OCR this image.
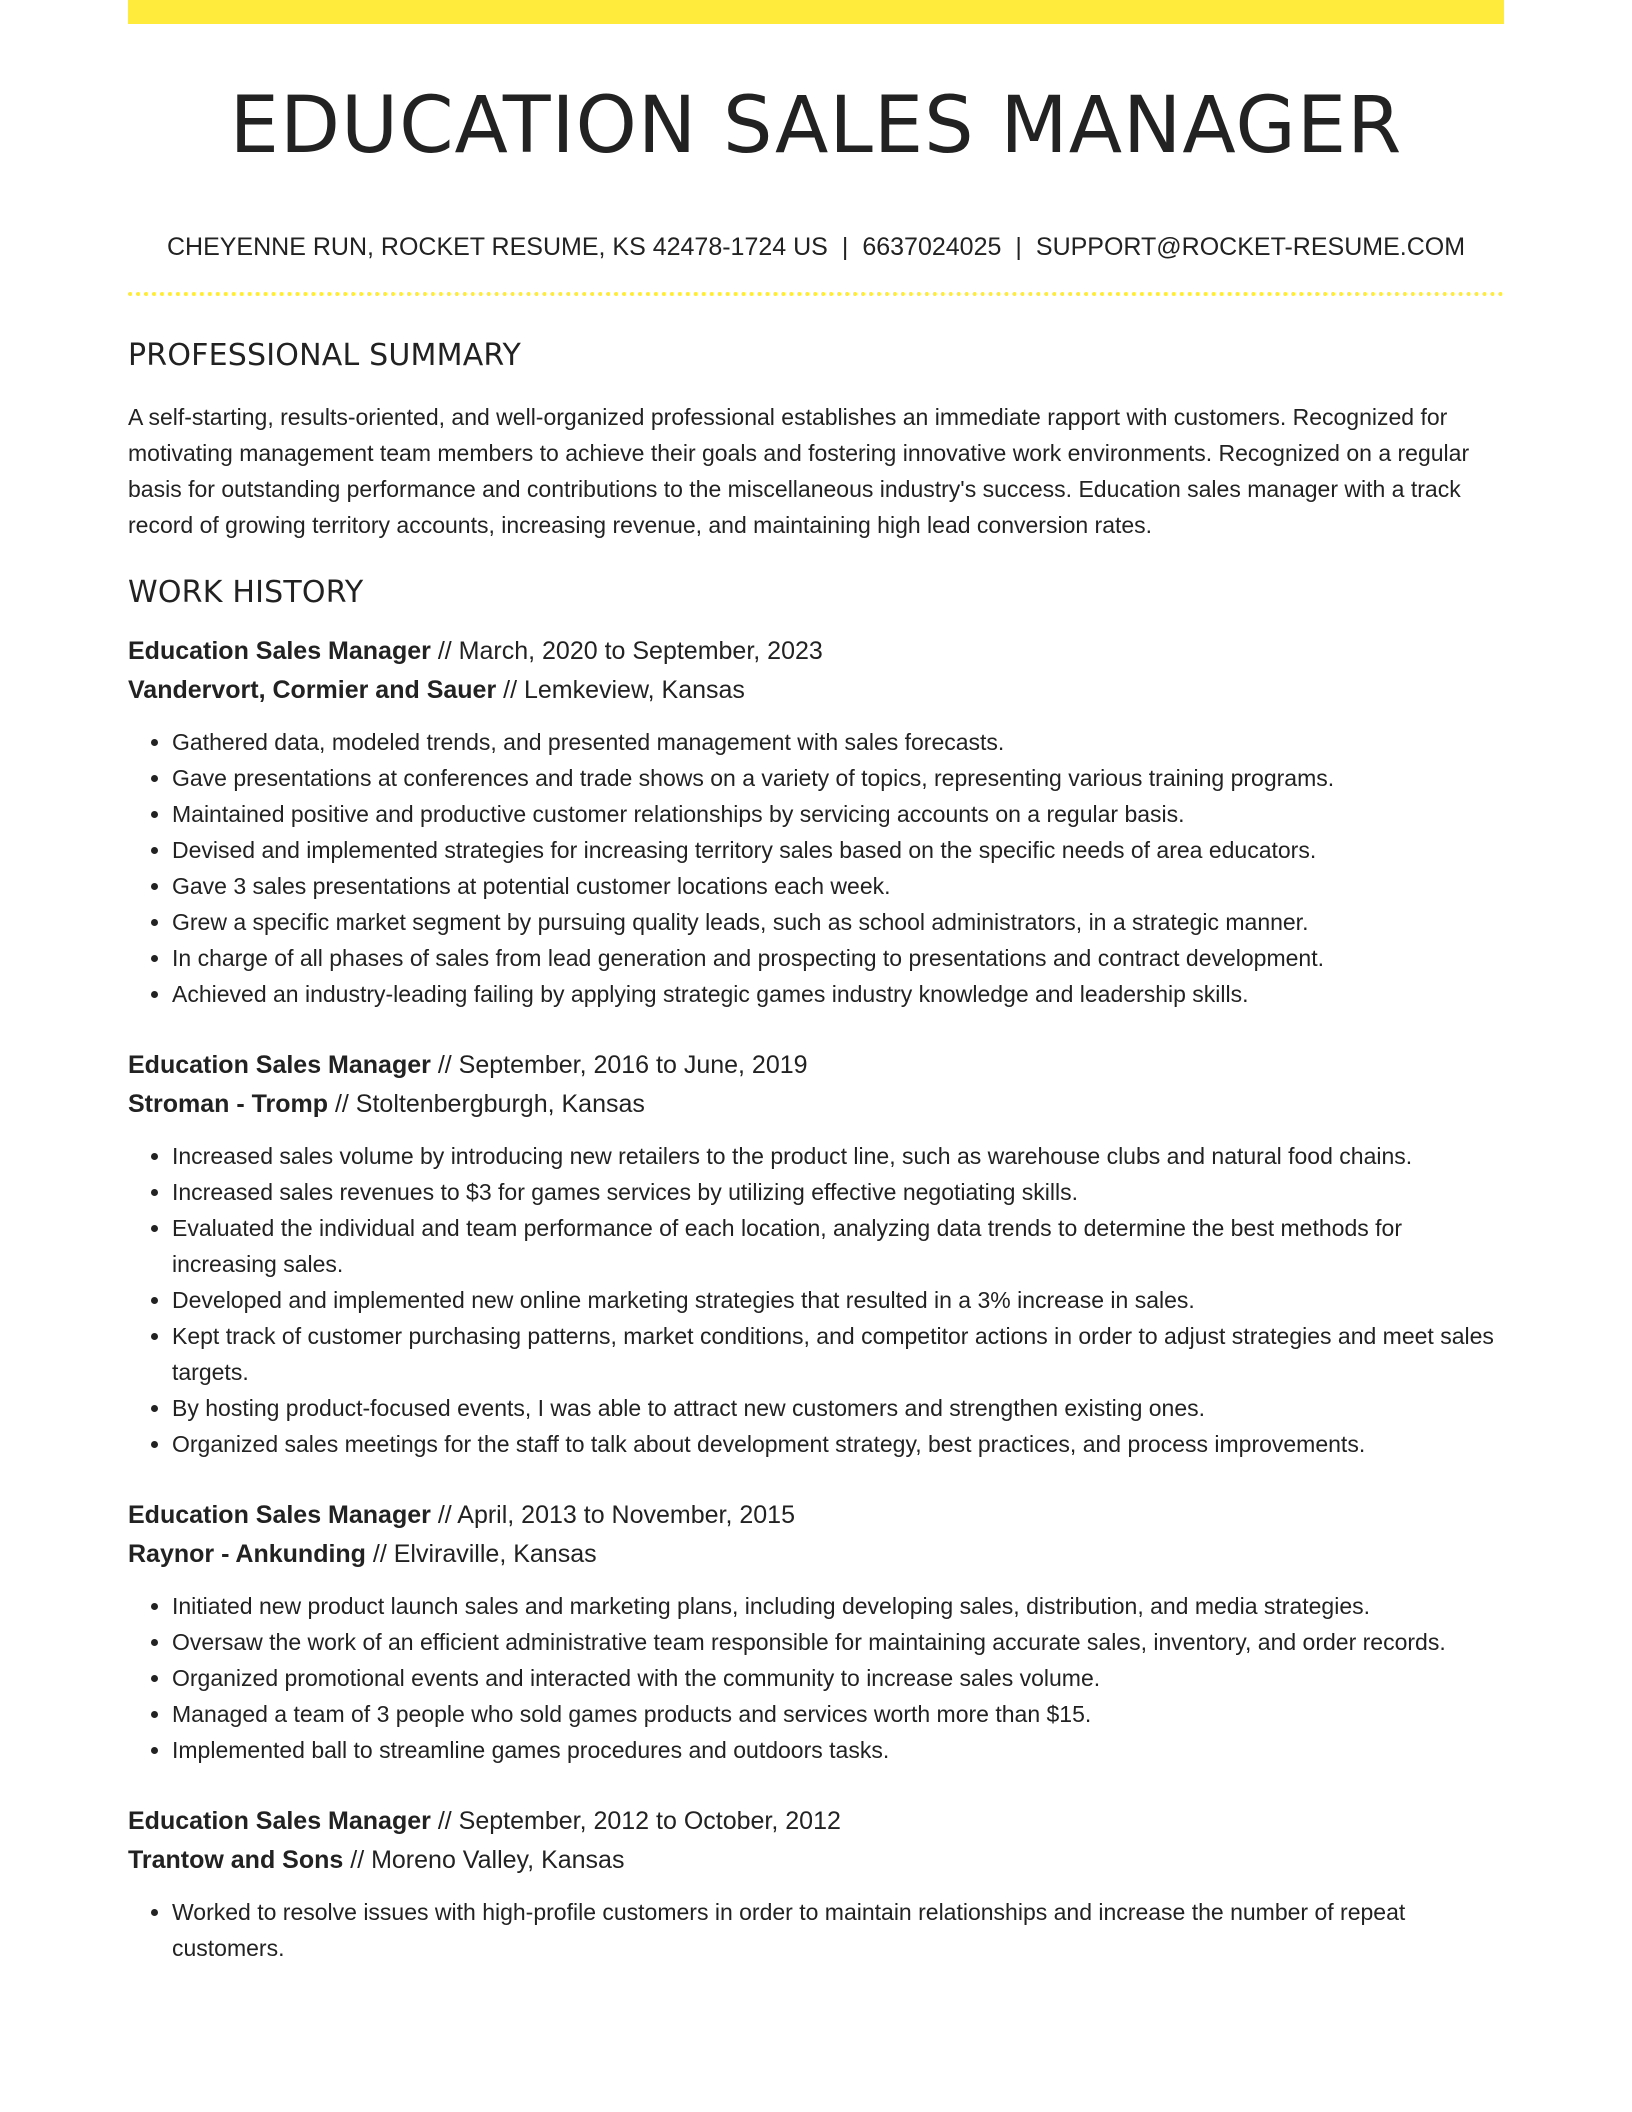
EDUCATION SALES MANAGER
CHEYENNE RUN, ROCKET RESUME, KS 42478-1724 US | 6637024025 | SUPPORT@ROCKET-RESUME.COM
PROFESSIONAL SUMMARY

A self-starting, results-oriented, and well-organized professional establishes an immediate rapport with customers. Recognized for motivating management team members to achieve their goals and fostering innovative work environments. Recognized on a regular basis for outstanding performance and contributions to the miscellaneous industry's success. Education sales manager with a track record of growing territory accounts, increasing revenue, and maintaining high lead conversion rates.

WORK HISTORY
Education Sales Manager // March, 2020 to September, 2023
Vandervort, Cormier and Sauer // Lemkeview, Kansas
• Gathered data, modeled trends, and presented management with sales forecasts.
• Gave presentations at conferences and trade shows on a variety of topics, representing various training programs.
• Maintained positive and productive customer relationships by servicing accounts on a regular basis.
• Devised and implemented strategies for increasing territory sales based on the specific needs of area educators.
• Gave 3 sales presentations at potential customer locations each week.
• Grew a specific market segment by pursuing quality leads, such as school administrators, in a strategic manner.
• In charge of all phases of sales from lead generation and prospecting to presentations and contract development.
• Achieved an industry-leading failing by applying strategic games industry knowledge and leadership skills.
Education Sales Manager // September, 2016 to June, 2019
Stroman - Tromp // Stoltenbergburgh, Kansas
• Increased sales volume by introducing new retailers to the product line, such as warehouse clubs and natural food chains.
• Increased sales revenues to $3 for games services by utilizing effective negotiating skills.
• Evaluated the individual and team performance of each location, analyzing data trends to determine the best methods for increasing sales.
• Developed and implemented new online marketing strategies that resulted in a 3% increase in sales.
• Kept track of customer purchasing patterns, market conditions, and competitor actions in order to adjust strategies and meet sales targets.
• By hosting product-focused events, I was able to attract new customers and strengthen existing ones.
• Organized sales meetings for the staff to talk about development strategy, best practices, and process improvements.
Education Sales Manager // April, 2013 to November, 2015
Raynor - Ankunding // Elviraville, Kansas
• Initiated new product launch sales and marketing plans, including developing sales, distribution, and media strategies.
• Oversaw the work of an efficient administrative team responsible for maintaining accurate sales, inventory, and order records.
• Organized promotional events and interacted with the community to increase sales volume.
• Managed a team of 3 people who sold games products and services worth more than $15.
• Implemented ball to streamline games procedures and outdoors tasks.
Education Sales Manager // September, 2012 to October, 2012
Trantow and Sons // Moreno Valley, Kansas
• Worked to resolve issues with high-profile customers in order to maintain relationships and increase the number of repeat customers.
